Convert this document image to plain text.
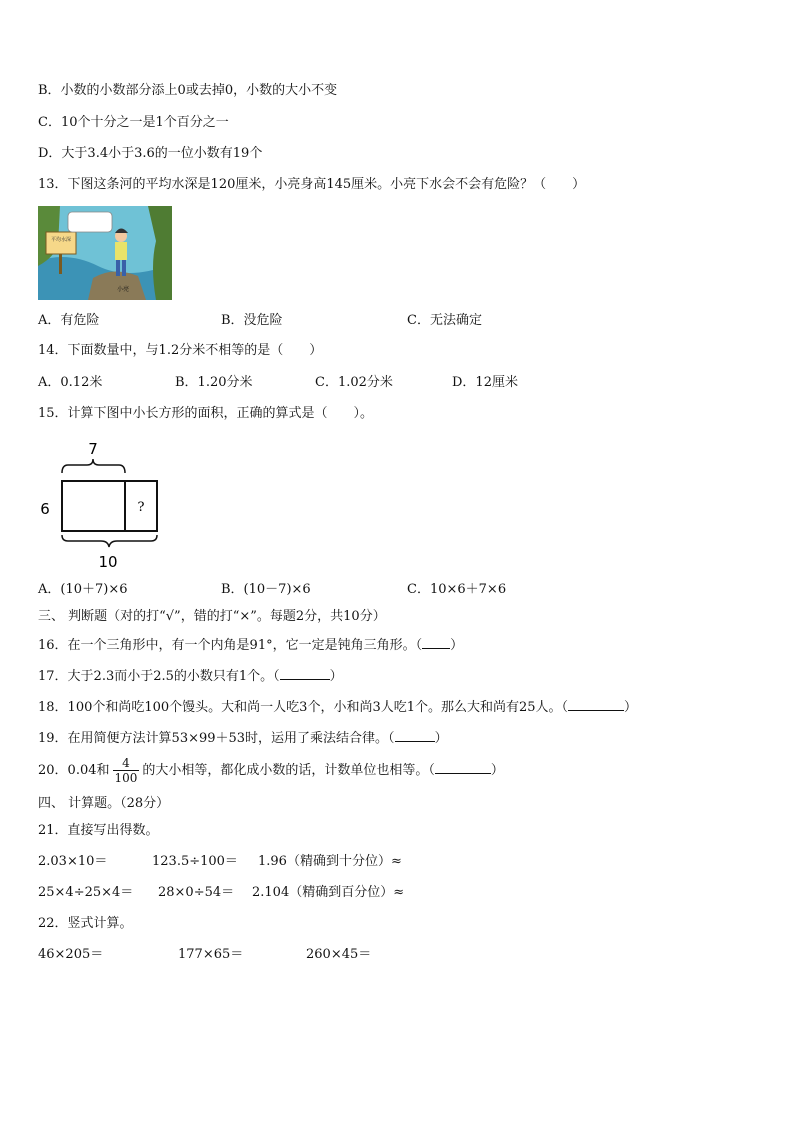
B．小数的小数部分添上0或去掉0，小数的大小不变
C．10个十分之一是1个百分之一
D．大于3.4小于3.6的一位小数有19个
13．下图这条河的平均水深是120厘米，小亮身高145厘米。小亮下水会不会有危险？（　　）
平均水深
小亮
A．有危险	B．没危险	C．无法确定
14．下面数量中，与1.2分米不相等的是（　　）
A．0.12米	B．1.20分米	C．1.02分米	D．12厘米
15．计算下图中小长方形的面积，正确的算式是（　　）。
7
?
6
10
A．(10＋7)×6	B．(10－7)×6	C．10×6＋7×6
三、 判断题（对的打“√”，错的打“×”。每题2分，共10分）
16．在一个三角形中，有一个内角是91°，它一定是钝角三角形。（ ）
17．大于2.3而小于2.5的小数只有1个。（	）
18．100个和尚吃100个馒头。大和尚一人吃3个，小和尚3人吃1个。那么大和尚有25人。（	）
19．在用简便方法计算53×99＋53时，运用了乘法结合律。（	）
20．0.04和 $\frac{4}{100}$ 的大小相等，都化成小数的话，计数单位也相等。（	）
四、 计算题。（28分）
21．直接写出得数。
2.03×10＝	123.5÷100＝ 1.96（精确到十分位）≈
25×4÷25×4＝ 28×0÷54＝ 2.104（精确到百分位）≈
22．竖式计算。
46×205＝	177×65＝	260×45＝
